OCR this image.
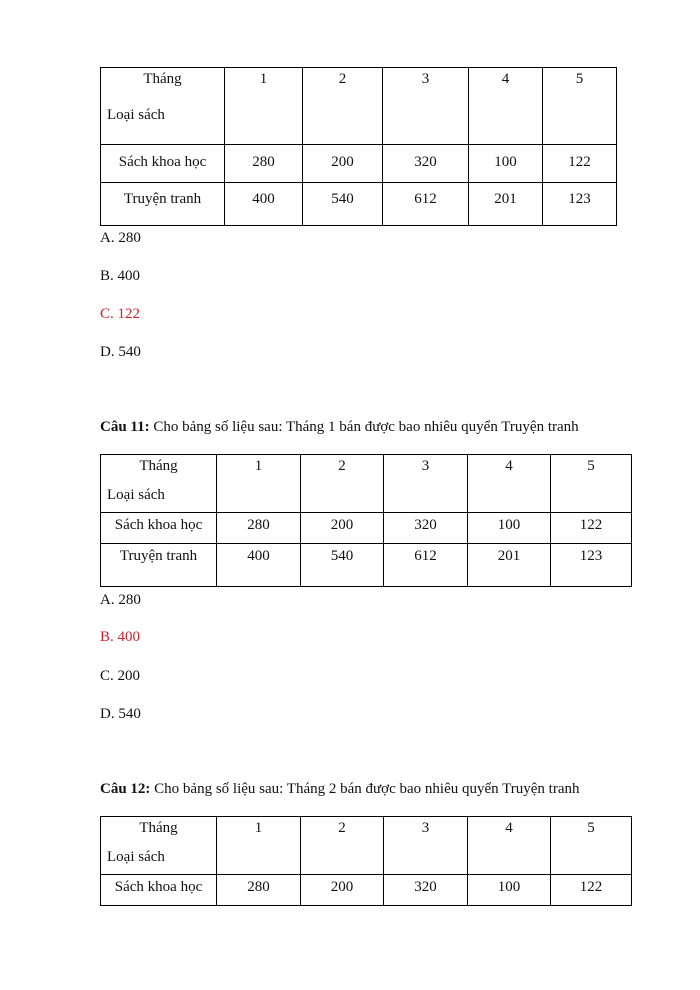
Tháng
Loại sách	1	2	3	4	5
Sách khoa học	280	200	320	100	122
Truyện tranh	400	540	612	201	123
A. 280
B. 400
C. 122
D. 540
Câu 11: Cho bảng số liệu sau: Tháng 1 bán được bao nhiêu quyển Truyện tranh
Tháng
Loại sách	1	2	3	4	5
Sách khoa học	280	200	320	100	122
Truyện tranh	400	540	612	201	123
A. 280
B. 400
C. 200
D. 540
Câu 12: Cho bảng số liệu sau: Tháng 2 bán được bao nhiêu quyển Truyện tranh
Tháng
Loại sách	1	2	3	4	5
Sách khoa học	280	200	320	100	122
